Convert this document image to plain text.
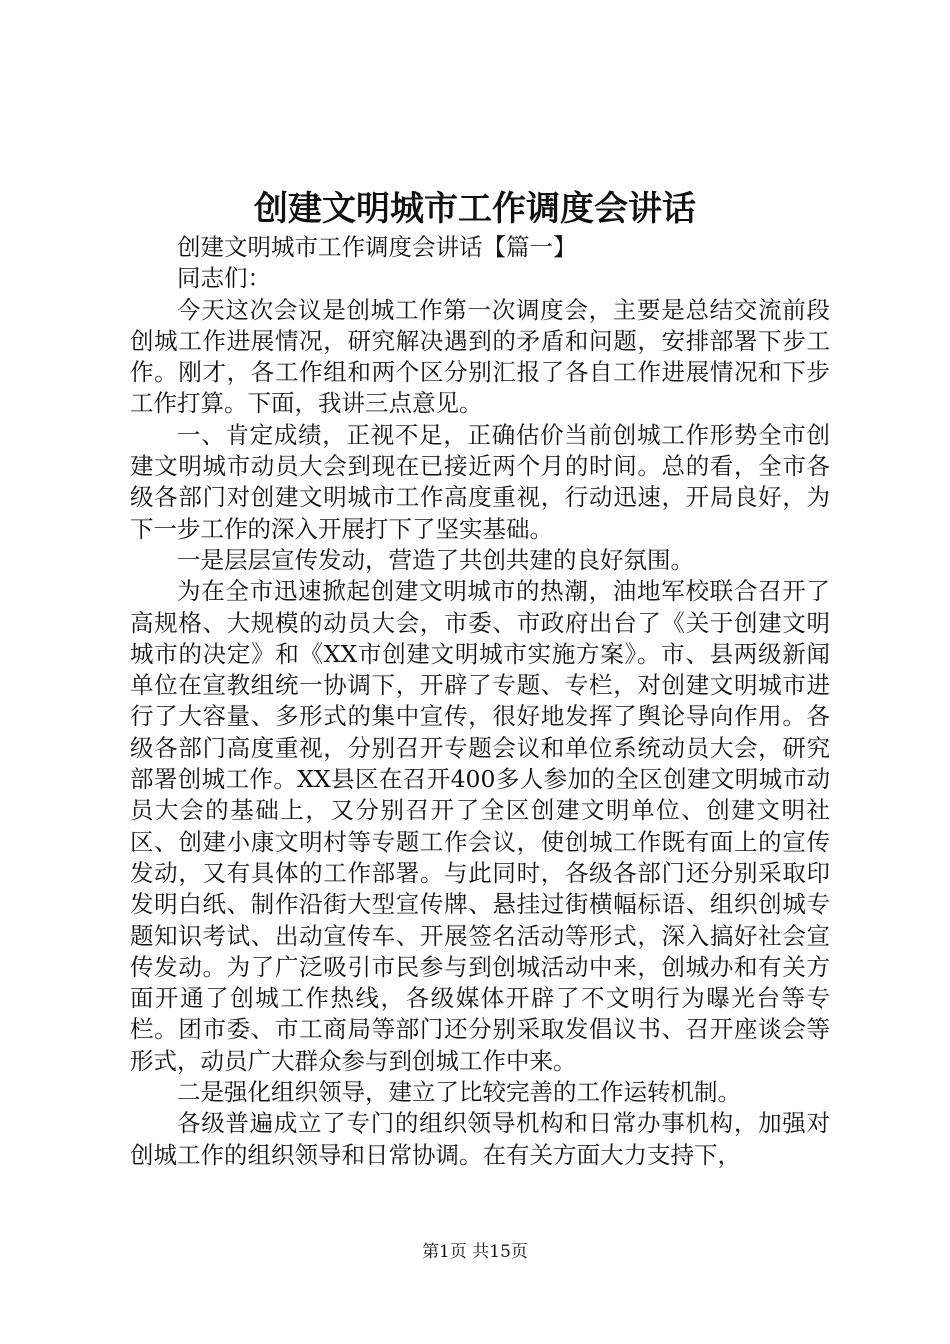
创建文明城市工作调度会讲话

创建文明城市工作调度会讲话【篇一】

同志们：

今天这次会议是创城工作第一次调度会，主要是总结交流前段创城工作进展情况，研究解决遇到的矛盾和问题，安排部署下步工作。刚才，各工作组和两个区分别汇报了各自工作进展情况和下步工作打算。下面，我讲三点意见。

一、肯定成绩，正视不足，正确估价当前创城工作形势全市创建文明城市动员大会到现在已接近两个月的时间。总的看，全市各级各部门对创建文明城市工作高度重视，行动迅速，开局良好，为下一步工作的深入开展打下了坚实基础。

一是层层宣传发动，营造了共创共建的良好氛围。

为在全市迅速掀起创建文明城市的热潮，油地军校联合召开了高规格、大规模的动员大会，市委、市政府出台了《关于创建文明城市的决定》和《XX市创建文明城市实施方案》。市、县两级新闻单位在宣教组统一协调下，开辟了专题、专栏，对创建文明城市进行了大容量、多形式的集中宣传，很好地发挥了舆论导向作用。各级各部门高度重视，分别召开专题会议和单位系统动员大会，研究部署创城工作。XX县区在召开400多人参加的全区创建文明城市动员大会的基础上，又分别召开了全区创建文明单位、创建文明社区、创建小康文明村等专题工作会议，使创城工作既有面上的宣传发动，又有具体的工作部署。与此同时，各级各部门还分别采取印发明白纸、制作沿街大型宣传牌、悬挂过街横幅标语、组织创城专题知识考试、出动宣传车、开展签名活动等形式，深入搞好社会宣传发动。为了广泛吸引市民参与到创城活动中来，创城办和有关方面开通了创城工作热线，各级媒体开辟了不文明行为曝光台等专栏。团市委、市工商局等部门还分别采取发倡议书、召开座谈会等形式，动员广大群众参与到创城工作中来。

二是强化组织领导，建立了比较完善的工作运转机制。

各级普遍成立了专门的组织领导机构和日常办事机构，加强对创城工作的组织领导和日常协调。在有关方面大力支持下，

第1页 共15页
